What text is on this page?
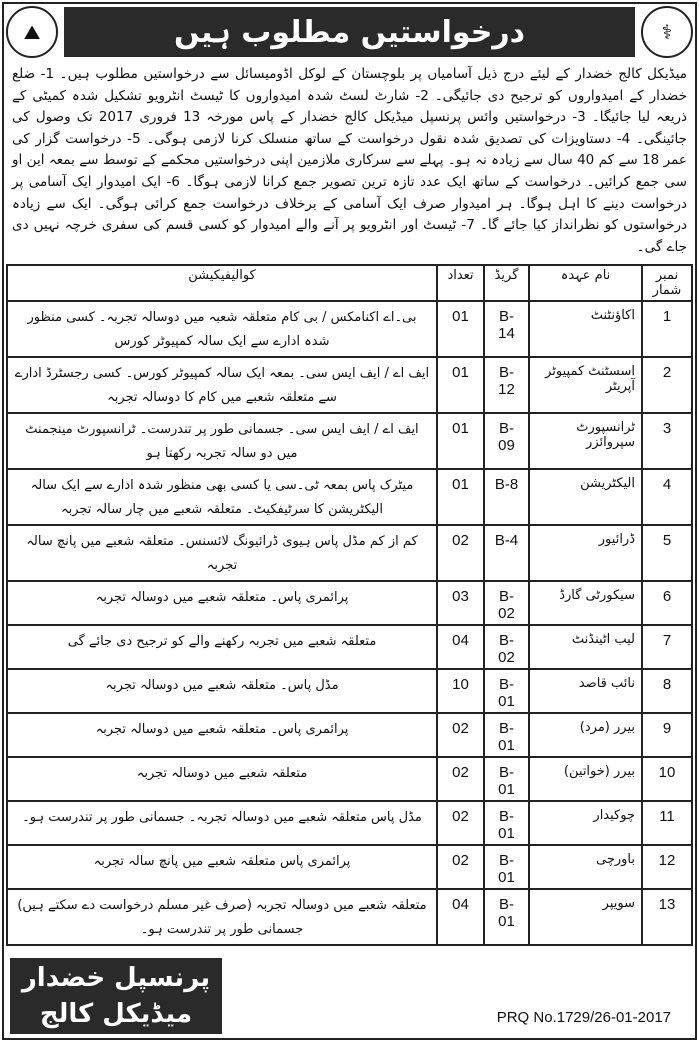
⛰	درخواستیں مطلوب ہیں	⚕
میڈیکل کالج خضدار کے لیئے درج ذیل آسامیاں پر بلوچستان کے لوکل اڈومیسائل سے درخواستیں مطلوب ہیں۔ 1- ضلع خضدار کے امیدواروں کو ترجیح دی جائیگی۔ 2- شارٹ لسٹ شدہ امیدواروں کا ٹیسٹ انٹرویو تشکیل شدہ کمیٹی کے ذریعہ لیا جائیگا۔ 3- درخواستیں وائس پرنسپل میڈیکل کالج خضدار کے پاس مورخہ 13 فروری 2017 تک وصول کی جائینگی۔ 4- دستاویزات کی تصدیق شدہ نقول درخواست کے ساتھ منسلک کرنا لازمی ہوگی۔ 5- درخواست گزار کی عمر 18 سے کم 40 سال سے زیادہ نہ ہو۔ پہلے سے سرکاری ملازمین اپنی درخواستیں محکمے کے توسط سے بمعہ این او سی جمع کرائیں۔ درخواست کے ساتھ ایک عدد تازہ ترین تصویر جمع کرانا لازمی ہوگا۔ 6- ایک امیدوار ایک آسامی پر درخواست دینے کا اہل ہوگا۔ ہر امیدوار صرف ایک آسامی کے برخلاف درخواست جمع کرائی ہوگی۔ ایک سے زیادہ درخواستوں کو نظرانداز کیا جائے گا۔ 7- ٹیسٹ اور انٹرویو پر آنے والے امیدوار کو کسی قسم کی سفری خرچہ نہیں دی جاے گی۔
نمبر شمار	نام عہدہ	گریڈ	تعداد	کوالیفیکیشن
1	اکاؤنٹنٹ	B-14	01	بی۔اے اکنامکس / بی کام متعلقہ شعبہ میں دوسالہ تجربہ۔ کسی منظور شدہ ادارے سے ایک سالہ کمپیوٹر کورس
2	اسسٹنٹ کمپیوٹر آپریٹر	B-12	01	ایف اے / ایف ایس سی۔ بمعہ ایک سالہ کمپیوٹر کورس۔ کسی رجسٹرڈ ادارے سے متعلقہ شعبے میں کام کا دوسالہ تجربہ
3	ٹرانسپورٹ سپروائزر	B-09	01	ایف اے / ایف ایس سی۔ جسمانی طور پر تندرست۔ ٹرانسپورٹ مینجمنٹ میں دو سالہ تجربہ رکھتا ہو
4	الیکٹریشن	B-8	01	میٹرک پاس بمعہ ٹی۔سی یا کسی بھی منظور شدہ ادارے سے ایک سالہ الیکٹریشن کا سرٹیفکیٹ۔ متعلقہ شعبے میں چار سالہ تجربہ
5	ڈرائیور	B-4	02	کم از کم مڈل پاس ہیوی ڈرائیونگ لائسنس۔ متعلقہ شعبے میں پانچ سالہ تجربہ
6	سیکورٹی گارڈ	B-02	03	پرائمری پاس۔ متعلقہ شعبے میں دوسالہ تجربہ
7	لیب اٹینڈنٹ	B-02	04	متعلقہ شعبے میں تجربہ رکھنے والے کو ترجیح دی جائے گی
8	نائب قاصد	B-01	10	مڈل پاس۔ متعلقہ شعبے میں دوسالہ تجربہ
9	بیرر (مرد)	B-01	02	پرائمری پاس۔ متعلقہ شعبے میں دوسالہ تجربہ
10	بیرر (خواتین)	B-01	02	متعلقہ شعبے میں دوسالہ تجربہ
11	چوکیدار	B-01	02	مڈل پاس متعلقہ شعبے میں دوسالہ تجربہ۔ جسمانی طور پر تندرست ہو۔
12	باورچی	B-01	02	پرائمری پاس متعلقہ شعبے میں پانچ سالہ تجربہ
13	سویپر	B-01	04	متعلقہ شعبے میں دوسالہ تجربہ (صرف غیر مسلم درخواست دے سکتے ہیں) جسمانی طور پر تندرست ہو۔
پرنسپل خضدار
میڈیکل کالج	PRQ No.1729/26-01-2017
